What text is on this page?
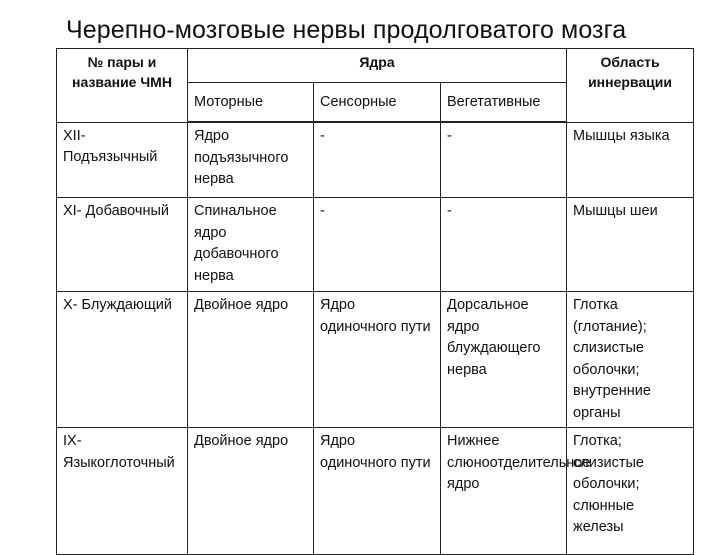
Черепно-мозговые нервы продолговатого мозга
№ пары и название ЧМН	Ядра			Область иннервации
	Моторные	Сенсорные	Вегетативные	
XII- Подъязычный	Ядро подъязычного нерва	-	-	Мышцы языка
XI- Добавочный	Спинальное ядро добавочного нерва	-	-	Мышцы шеи
X- Блуждающий	Двойное ядро	Ядро одиночного пути	Дорсальное ядро блуждающего нерва	Глотка (глотание); слизистые оболочки; внутренние органы
IX- Языкоглоточный	Двойное ядро	Ядро одиночного пути	Нижнее слюноотделительное ядро	Глотка; слизистые оболочки; слюнные железы
